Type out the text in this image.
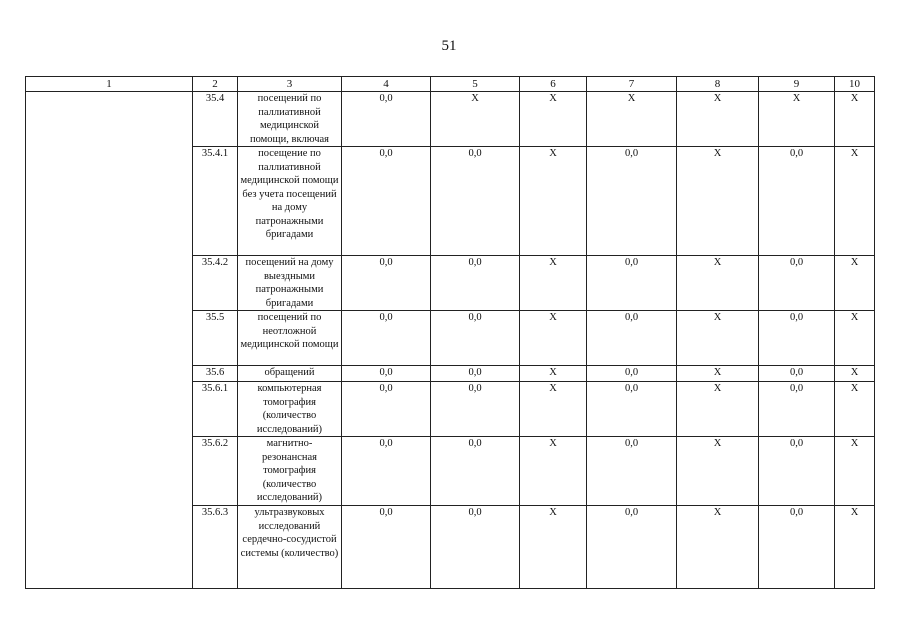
51
1	2	3	4	5	6	7	8	9	10
	35.4	посещений по паллиативной медицинской помощи, включая	0,0	X	X	X	X	X	X
	35.4.1	посещение по паллиативной медицинской помощи без учета посещений на дому патронажными бригадами	0,0	0,0	X	0,0	X	0,0	X
	35.4.2	посещений на дому выездными патронажными бригадами	0,0	0,0	X	0,0	X	0,0	X
	35.5	посещений по неотложной медицинской помощи	0,0	0,0	X	0,0	X	0,0	X
	35.6	обращений	0,0	0,0	X	0,0	X	0,0	X
	35.6.1	компьютерная томография (количество исследований)	0,0	0,0	X	0,0	X	0,0	X
	35.6.2	магнитно-резонансная томография (количество исследований)	0,0	0,0	X	0,0	X	0,0	X
	35.6.3	ультразвуковых исследований сердечно-сосудистой системы (количество)	0,0	0,0	X	0,0	X	0,0	X
